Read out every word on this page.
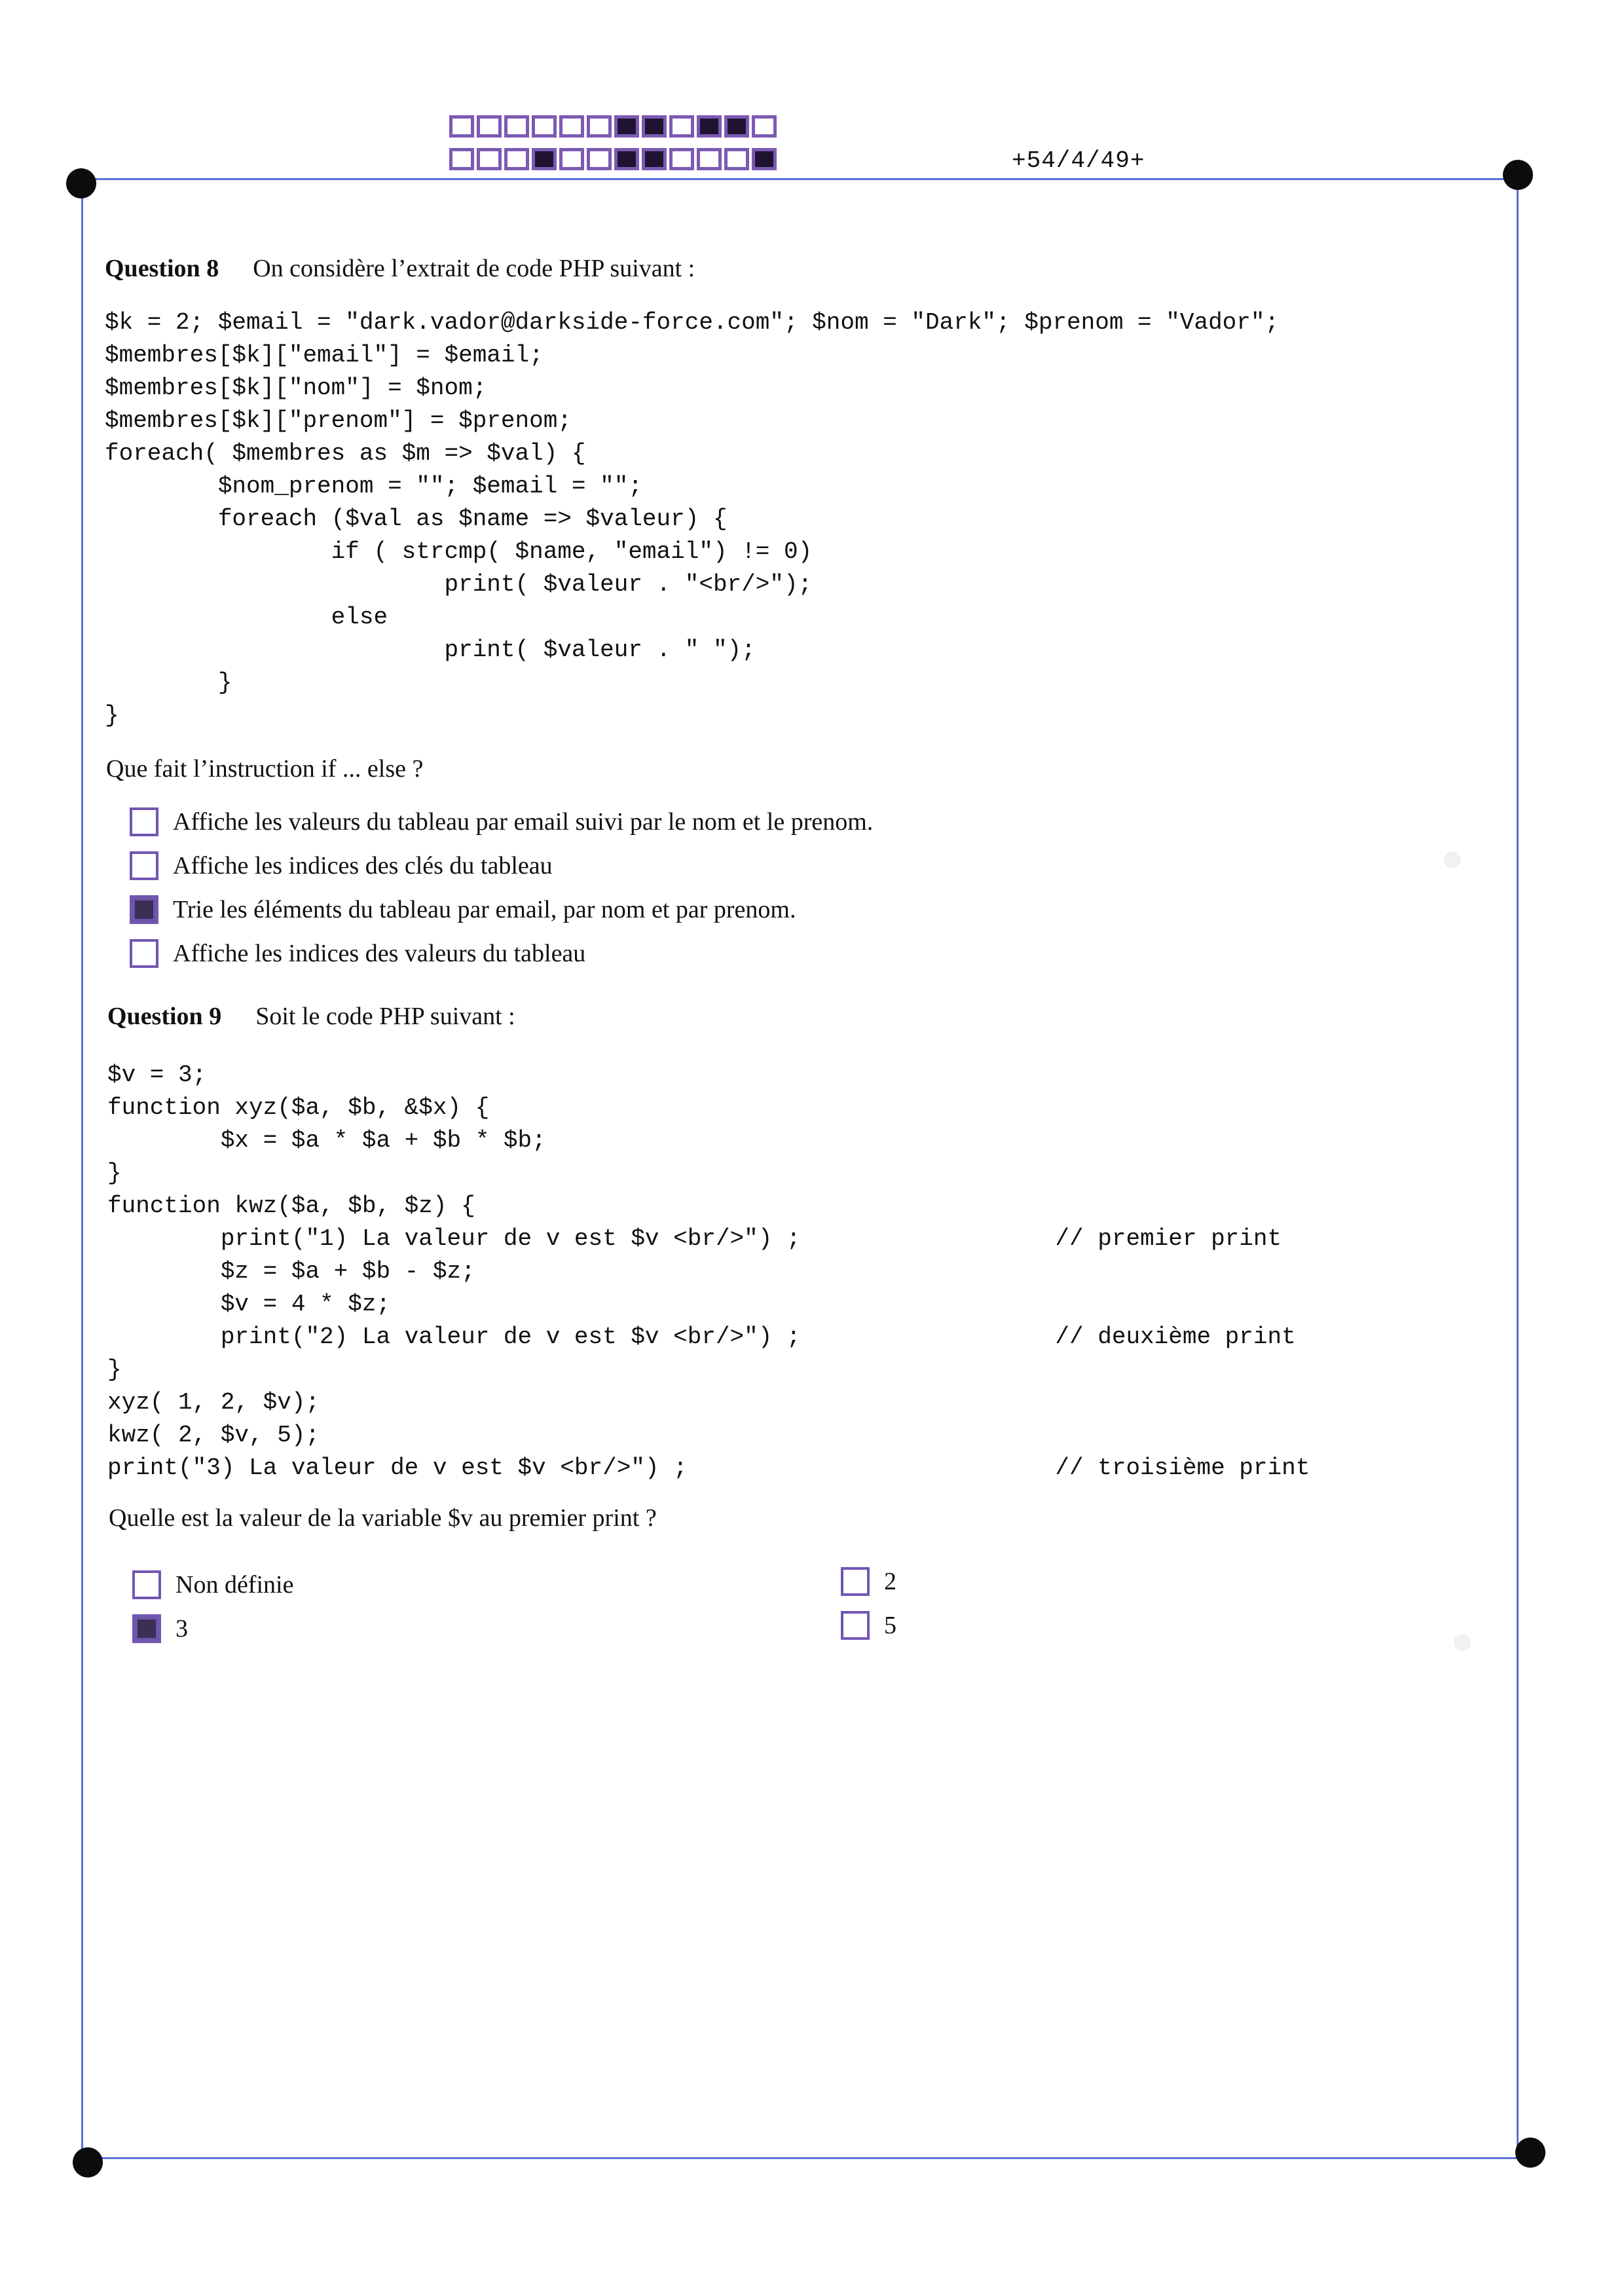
+54/4/49+
Question 8 On considère l’extrait de code PHP suivant :
$k = 2; $email = "dark.vador@darkside-force.com"; $nom = "Dark"; $prenom = "Vador";
$membres[$k]["email"] = $email;
$membres[$k]["nom"] = $nom;
$membres[$k]["prenom"] = $prenom;
foreach( $membres as $m => $val) {
$nom_prenom = ""; $email = "";
foreach ($val as $name => $valeur) {
if ( strcmp( $name, "email") != 0)
print( $valeur . "<br/>");
else
print( $valeur . " ");
}
}
Que fait l’instruction if ... else ?
Affiche les valeurs du tableau par email suivi par le nom et le prenom.
Affiche les indices des clés du tableau
Trie les éléments du tableau par email, par nom et par prenom.
Affiche les indices des valeurs du tableau
Question 9 Soit le code PHP suivant :
$v = 3;
function xyz($a, $b, &$x) {
$x = $a * $a + $b * $b;
}
function kwz($a, $b, $z) {
print("1) La valeur de v est $v <br/>") ;                  // premier print
$z = $a + $b - $z;
$v = 4 * $z;
print("2) La valeur de v est $v <br/>") ;                  // deuxième print
}
xyz( 1, 2, $v);
kwz( 2, $v, 5);
print("3) La valeur de v est $v <br/>") ;                          // troisième print
Quelle est la valeur de la variable $v au premier print ?
Non définie
3
2
5
